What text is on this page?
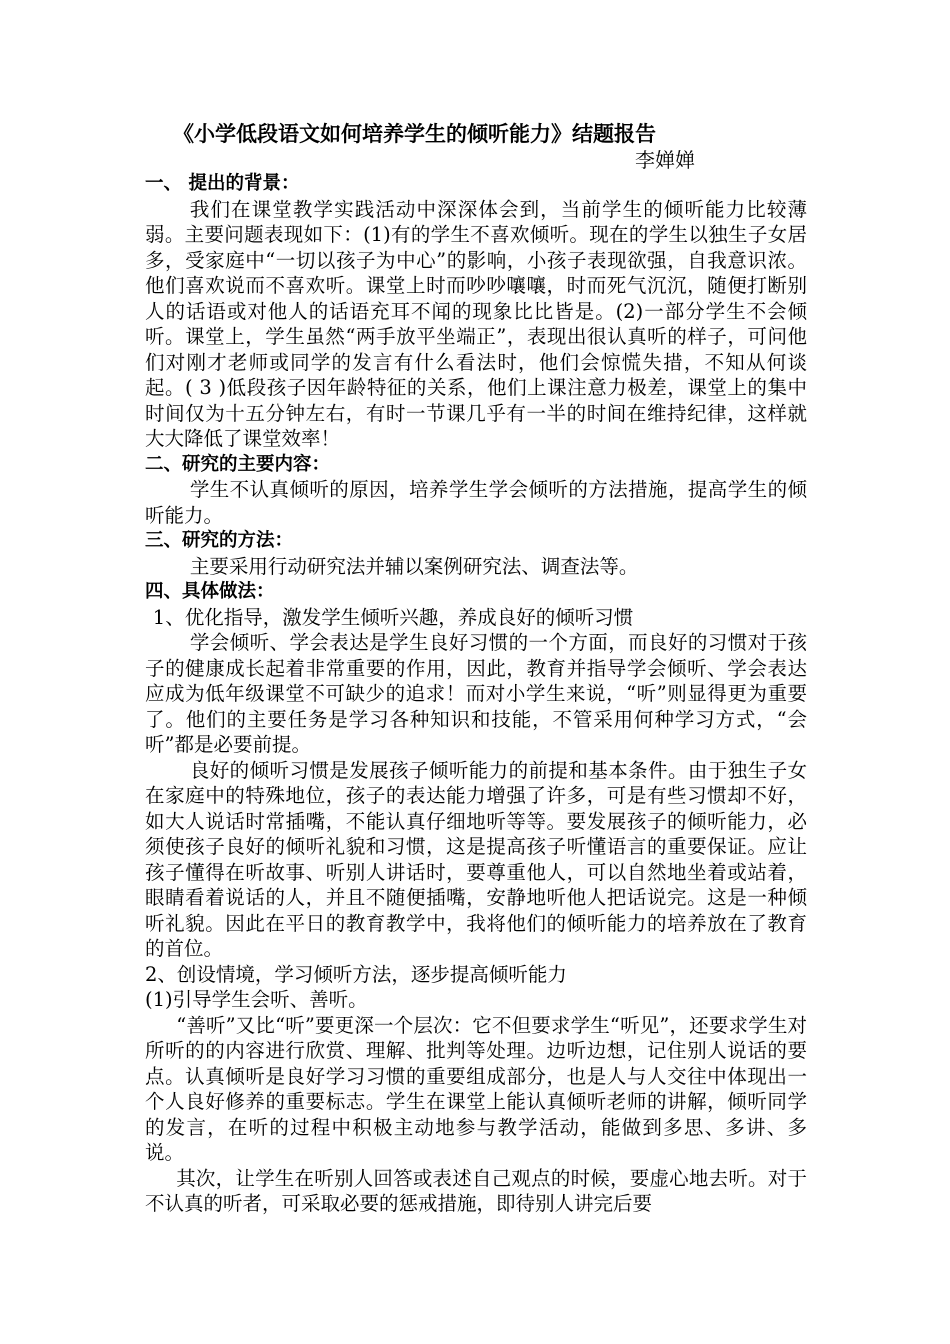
《小学低段语文如何培养学生的倾听能力》结题报告
李婵婵
一、 提出的背景：

我们在课堂教学实践活动中深深体会到，当前学生的倾听能力比较薄弱。主要问题表现如下：(1)有的学生不喜欢倾听。现在的学生以独生子女居多，受家庭中“一切以孩子为中心”的影响，小孩子表现欲强，自我意识浓。他们喜欢说而不喜欢听。课堂上时而吵吵嚷嚷，时而死气沉沉，随便打断别人的话语或对他人的话语充耳不闻的现象比比皆是。(2)一部分学生不会倾听。课堂上，学生虽然“两手放平坐端正”，表现出很认真听的样子，可问他们对刚才老师或同学的发言有什么看法时，他们会惊慌失措，不知从何谈起。( 3 )低段孩子因年龄特征的关系，他们上课注意力极差，课堂上的集中时间仅为十五分钟左右，有时一节课几乎有一半的时间在维持纪律，这样就大大降低了课堂效率！

二、研究的主要内容：

学生不认真倾听的原因，培养学生学会倾听的方法措施，提高学生的倾听能力。

三、研究的方法：

主要采用行动研究法并辅以案例研究法、调查法等。

四、具体做法：

1、优化指导，激发学生倾听兴趣，养成良好的倾听习惯

学会倾听、学会表达是学生良好习惯的一个方面，而良好的习惯对于孩子的健康成长起着非常重要的作用，因此，教育并指导学会倾听、学会表达应成为低年级课堂不可缺少的追求！而对小学生来说，“听”则显得更为重要了。他们的主要任务是学习各种知识和技能，不管采用何种学习方式，“会听”都是必要前提。

良好的倾听习惯是发展孩子倾听能力的前提和基本条件。由于独生子女在家庭中的特殊地位，孩子的表达能力增强了许多，可是有些习惯却不好，如大人说话时常插嘴，不能认真仔细地听等等。要发展孩子的倾听能力，必须使孩子良好的倾听礼貌和习惯，这是提高孩子听懂语言的重要保证。应让孩子懂得在听故事、听别人讲话时，要尊重他人，可以自然地坐着或站着，眼睛看着说话的人，并且不随便插嘴，安静地听他人把话说完。这是一种倾听礼貌。因此在平日的教育教学中，我将他们的倾听能力的培养放在了教育的首位。

2、创设情境，学习倾听方法，逐步提高倾听能力

(1)引导学生会听、善听。

“善听”又比“听”要更深一个层次：它不但要求学生“听见”，还要求学生对所听的的内容进行欣赏、理解、批判等处理。边听边想，记住别人说话的要点。认真倾听是良好学习习惯的重要组成部分，也是人与人交往中体现出一个人良好修养的重要标志。学生在课堂上能认真倾听老师的讲解，倾听同学的发言，在听的过程中积极主动地参与教学活动，能做到多思、多讲、多说。

其次，让学生在听别人回答或表述自己观点的时候，要虚心地去听。对于不认真的听者，可采取必要的惩戒措施，即待别人讲完后要
